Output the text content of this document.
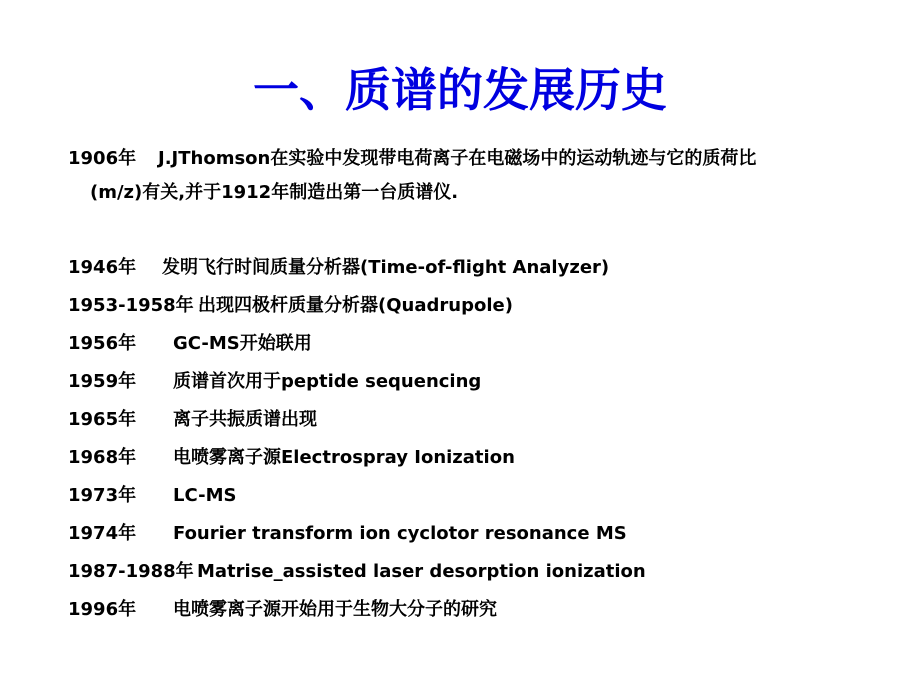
一、质谱的发展历史
1906年 J.JThomson在实验中发现带电荷离子在电磁场中的运动轨迹与它的质荷比
(m/z)有关,并于1912年制造出第一台质谱仪.
1946年 发明飞行时间质量分析器(Time-of-flight Analyzer)
1953-1958年 出现四极杆质量分析器(Quadrupole)
1956年 GC-MS开始联用
1959年 质谱首次用于peptide sequencing
1965年 离子共振质谱出现
1968年 电喷雾离子源Electrospray Ionization
1973年 LC-MS
1974年 Fourier transform ion cyclotor resonance MS
1987-1988年 Matrise_assisted laser desorption ionization
1996年 电喷雾离子源开始用于生物大分子的研究
